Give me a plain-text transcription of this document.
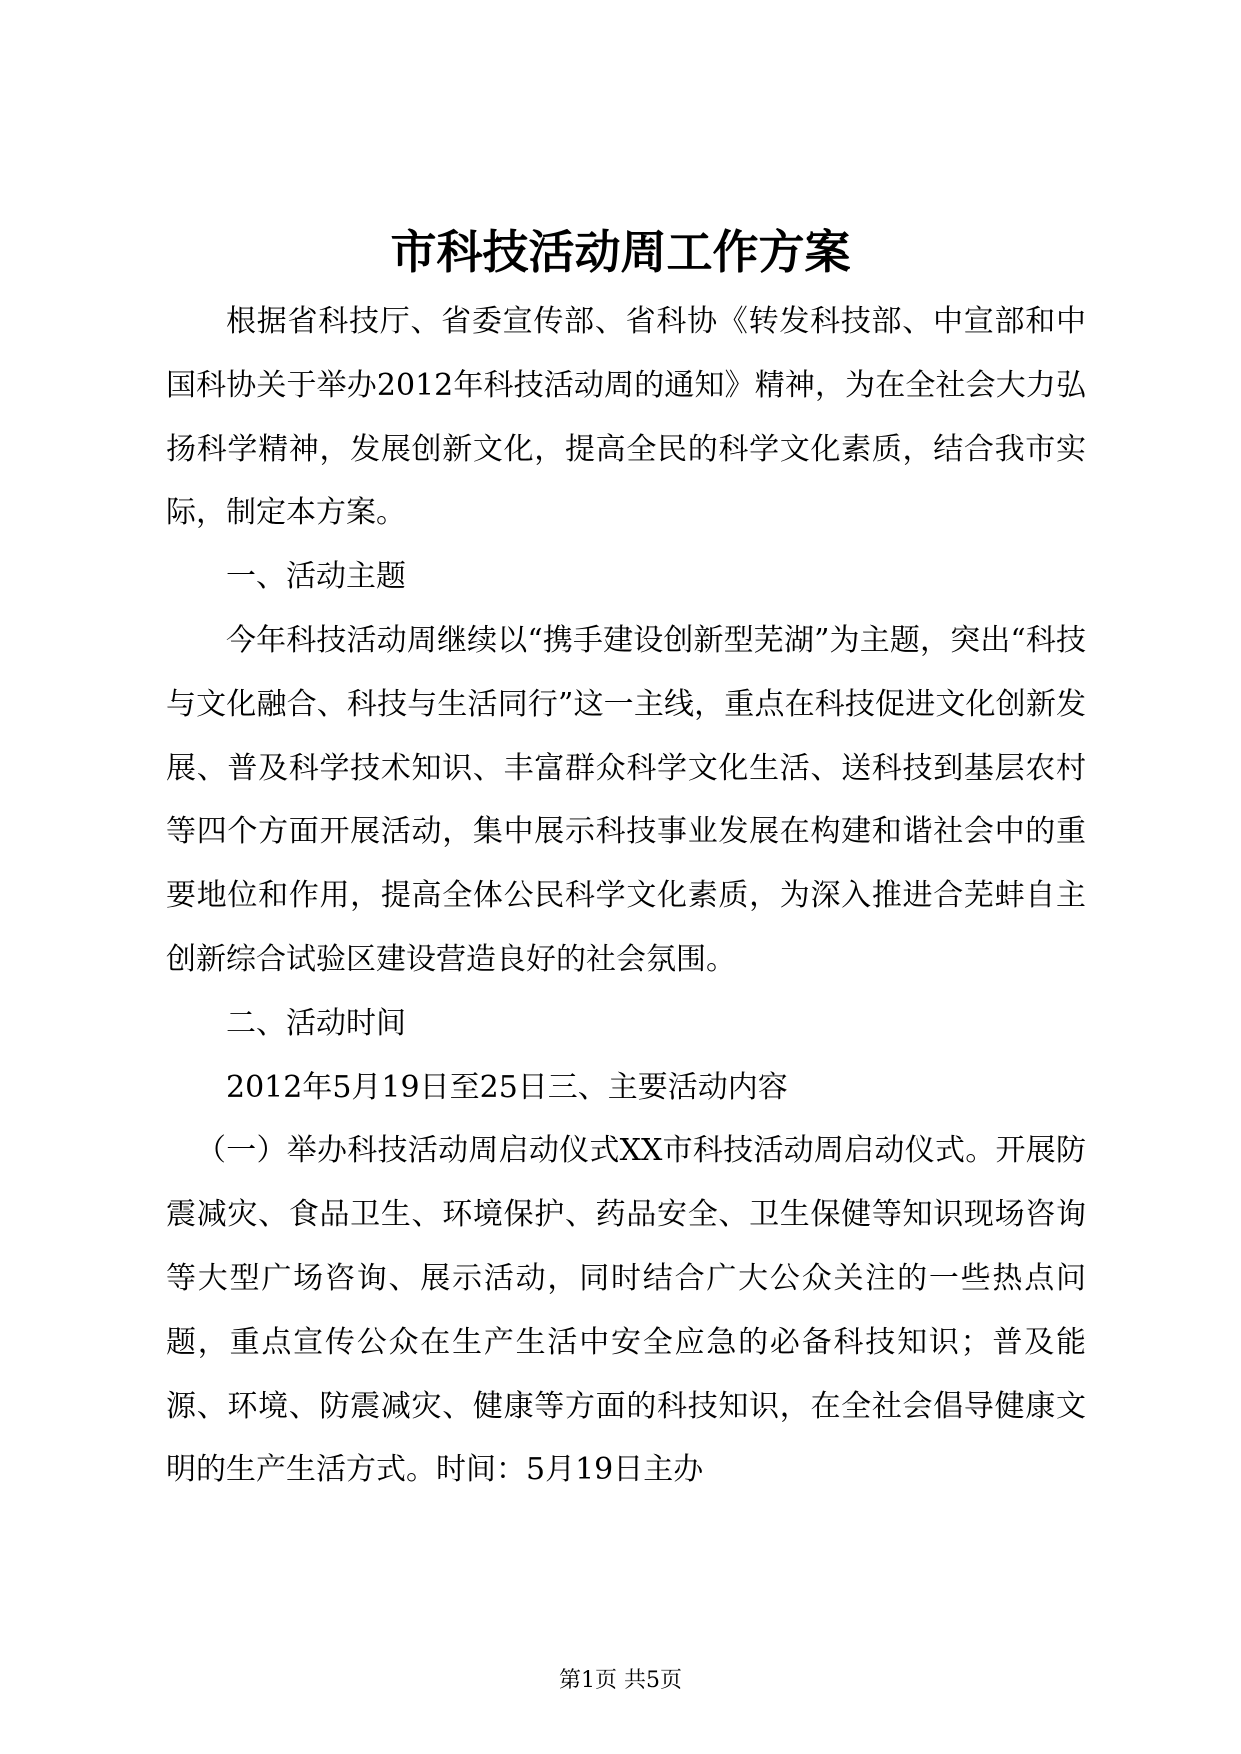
市科技活动周工作方案

根据省科技厅、省委宣传部、省科协《转发科技部、中宣部和中国科协关于举办2012年科技活动周的通知》精神，为在全社会大力弘扬科学精神，发展创新文化，提高全民的科学文化素质，结合我市实际，制定本方案。

一、活动主题

今年科技活动周继续以“携手建设创新型芜湖”为主题，突出“科技与文化融合、科技与生活同行”这一主线，重点在科技促进文化创新发展、普及科学技术知识、丰富群众科学文化生活、送科技到基层农村等四个方面开展活动，集中展示科技事业发展在构建和谐社会中的重要地位和作用，提高全体公民科学文化素质，为深入推进合芜蚌自主创新综合试验区建设营造良好的社会氛围。

二、活动时间

2012年5月19日至25日三、主要活动内容

（一）举办科技活动周启动仪式XX市科技活动周启动仪式。开展防震减灾、食品卫生、环境保护、药品安全、卫生保健等知识现场咨询等大型广场咨询、展示活动，同时结合广大公众关注的一些热点问题，重点宣传公众在生产生活中安全应急的必备科技知识；普及能源、环境、防震减灾、健康等方面的科技知识，在全社会倡导健康文明的生产生活方式。时间：5月19日主办

第1页 共5页
